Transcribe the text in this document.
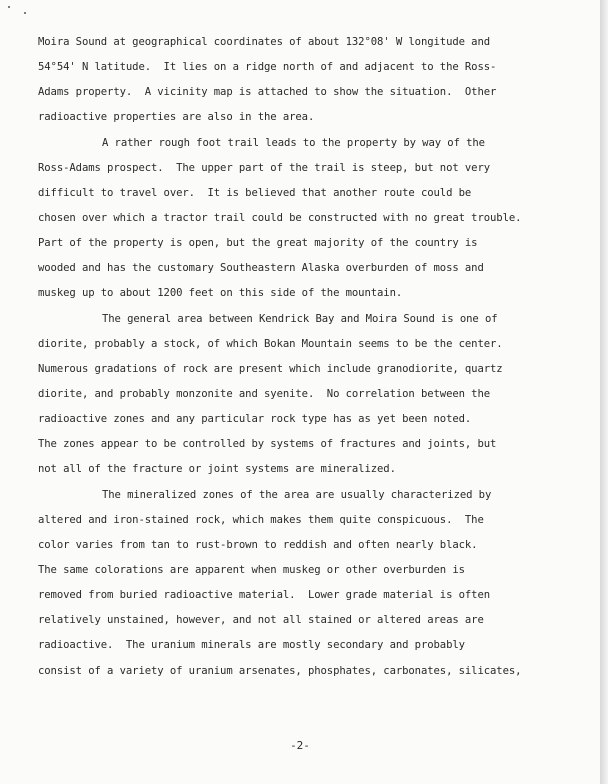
Moira Sound at geographical coordinates of about 132°08' W longitude and
54°54' N latitude.  It lies on a ridge north of and adjacent to the Ross-
Adams property.  A vicinity map is attached to show the situation.  Other
radioactive properties are also in the area.
A rather rough foot trail leads to the property by way of the
Ross-Adams prospect.  The upper part of the trail is steep, but not very
difficult to travel over.  It is believed that another route could be
chosen over which a tractor trail could be constructed with no great trouble.
Part of the property is open, but the great majority of the country is
wooded and has the customary Southeastern Alaska overburden of moss and
muskeg up to about 1200 feet on this side of the mountain.
The general area between Kendrick Bay and Moira Sound is one of
diorite, probably a stock, of which Bokan Mountain seems to be the center.
Numerous gradations of rock are present which include granodiorite, quartz
diorite, and probably monzonite and syenite.  No correlation between the
radioactive zones and any particular rock type has as yet been noted.
The zones appear to be controlled by systems of fractures and joints, but
not all of the fracture or joint systems are mineralized.
The mineralized zones of the area are usually characterized by
altered and iron-stained rock, which makes them quite conspicuous.  The
color varies from tan to rust-brown to reddish and often nearly black.
The same colorations are apparent when muskeg or other overburden is
removed from buried radioactive material.  Lower grade material is often
relatively unstained, however, and not all stained or altered areas are
radioactive.  The uranium minerals are mostly secondary and probably
consist of a variety of uranium arsenates, phosphates, carbonates, silicates,
-2-
